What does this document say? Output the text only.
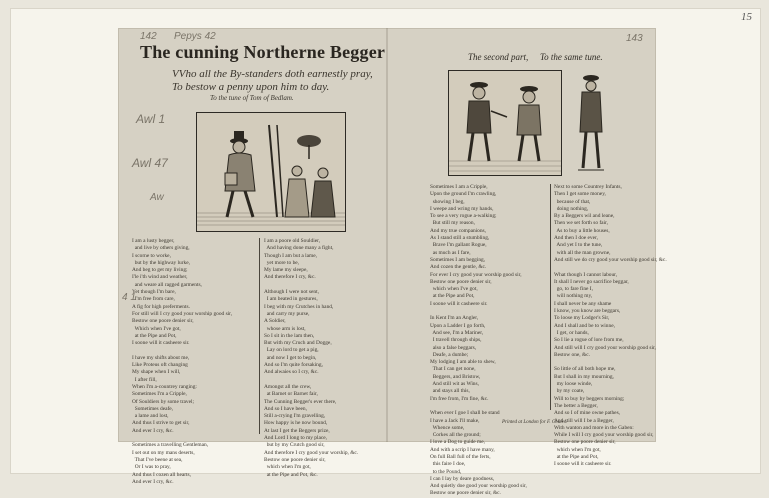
15
142 Pepys 42
Awl 1
Awl 47
Aw
4 1
The cunning Northerne Begger
VVho all the By-standers doth earnestly pray,
To bestow a penny upon him to day.
To the tune of Tom of Bedlam.
I am a lusty begger,
and live by others giving,
I scorne to worke,
but by the highway lurke,
And beg to get my living;
I'le i'th wind and weather,
and weare all ragged garments,
Yet though I'm bare,
I'm free from care,
A fig for high preferments.
For still will I cry good your worship good sir,
Bestow one poore denier sir,
Which when I've got,
at the Pipe and Pot,
I soone will it casheere sir.

I have my shifts about me,
Like Proteus oft changing
My shape when I will,
I after fill,
When I'm a-countrey ranging:
Sometimes I'm a Cripple,
Of Souldiers by some travel;
Sometimes deafe,
a lame and lost,
And thus I strive to get sir,
And ever I cry, &c.

Sometimes a travelling Gentleman,
I set out on my mans deserts,
That I've beene at sea,
Or I was to pray,
And thus I cozen all hearts,
And ever I cry, &c.
I am a poore old Souldier,
And having done many a fight,
Though I am but a lame,
yet more to be,
My lame my sleepe,
And therefore I cry, &c.

Although I were not sent,
I am beated in gestures,
I beg with my Crutches in hand,
and carry my purse,
A Soldier,
whose arm is lost,
So I sit in the lam then,
But with my Cruch and Dogge,
Lay on lord to get a pig,
and now I get to begin,
And so I'm quite forsaking,
And alwaies so I cry, &c.

Amongst all the crew,
at Barnet or Barnet fair,
The Cunning Begger's ever there,
And so I have been,
Still a-crying I'm gravelling,
How happy is he now bound,
At last I get the Beggers prize,
And Lord I long to my place,
but by my Crutch good sir,
And therefore I cry good your worship, &c.
Bestow one poore denier sir,
which when I'm got,
at the Pipe and Pot, &c.
143
The second part, To the same tune.
Sometimes I am a Cripple,
Upon the ground I'm crawling,
showing I beg,
I weepe and wring my hands,
To see a very rogue a-walking;
But still my reason,
And my true companions,
As I stand still a stumbling,
Brave I'm gallant Rogue,
as much as I fare,
Sometimes I am begging,
And cozen the gentle, &c.
For ever I cry good your worship good sir,
Bestow one poore denier sir,
which when I've got,
at the Pipe and Pot,
I soone will it casheere sir.

In Kent I'm an Angler,
Upon a Ladder I go forth,
And see, I'm a Mariner,
I travell through ships,
also a false beggars,
Deafe, a dumbe;
My lodging I am able to shew,
That I can get none,
Beggers, and Bristow,
And still wit as Wins,
and stays all this,
I'm free from, I'm fine, &c.

When ever I goe I shall be stand
I have a Jack I'll make,
Whence some,
Corkes all the ground;
I love a Dog to guide me,
And with a scrip I have many,
On full Ball full of the ferts,
this faire I doe,
to the Pound,
I can I lay by deare goodness,
And quietly doe good your worship good sir,
Bestow one poore denier sir, &c.
Next to some Countrey Infants,
Then I get some money,
because of that,
doing nothing,
By a Beggers wil and leane,
Then we set forth so fair,
As to buy a little houses,
And then I doe ever,
And yet I to the tune,
with all the man growne,
And still we do cry good your worship good sir,

What though I cannot labour,
It shall I never go sacrifice beggar,
go, to fare fine I,
will nothing my,
I shall never be any shame
I know, you know are beggars,
To loose my Lodger's Sir,
And I shall and be to winne,
I get, or hands,
So I lie a rogue of lore from me,
And still will I cry good your worship good sir,
Bestow one, &c.

So little of all both hope me,
But I shall in my mourning,
my loose winde,
by my coate,
Will to buy by beggers morning;
The better a Begger,
And so I of mine owne pathes,
And still will I be a Begger,
With wanton and more in the Gaben:
While I will I cry good your worship good sir,
Bestow one poore denier sir,
which when I'm got,
at the Pipe and Pot,
I soone will it casheere sir.
Printed at London for F. Coules.
